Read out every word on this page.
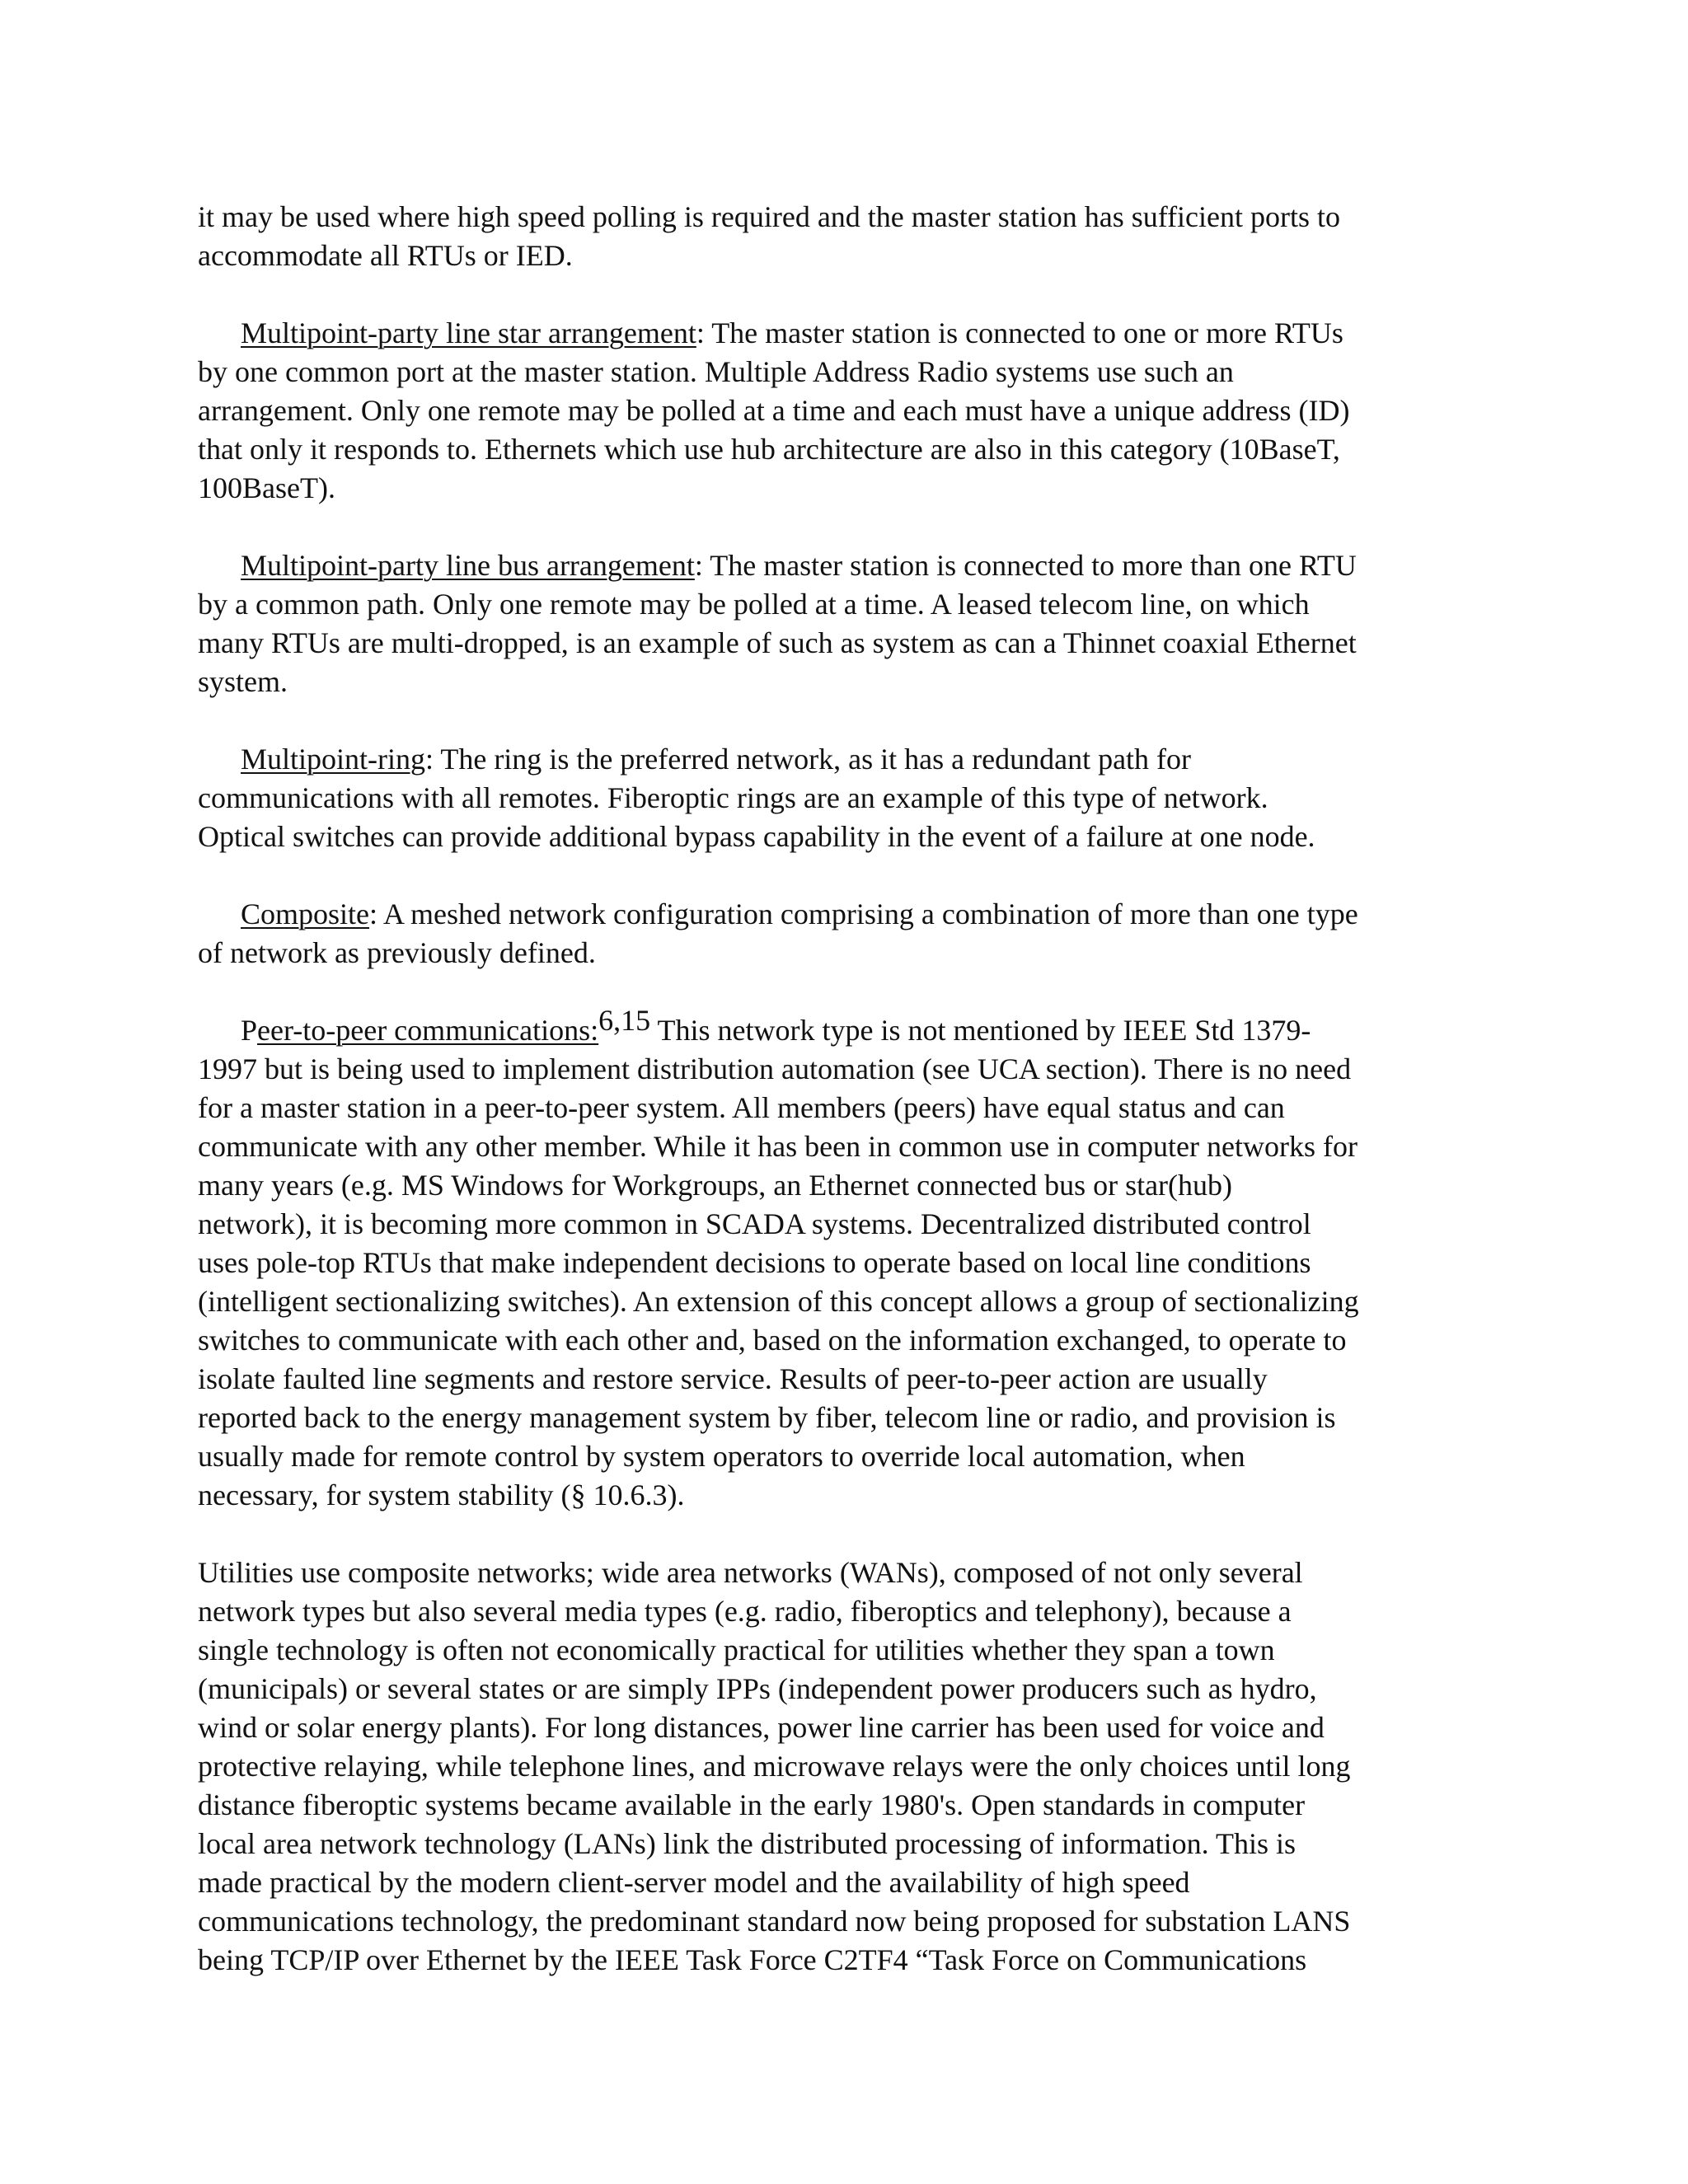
it may be used where high speed polling is required and the master station has sufficient ports to
accommodate all RTUs or IED.
Multipoint-party line star arrangement: The master station is connected to one or more RTUs
by one common port at the master station. Multiple Address Radio systems use such an
arrangement. Only one remote may be polled at a time and each must have a unique address (ID)
that only it responds to. Ethernets which use hub architecture are also in this category (10BaseT,
100BaseT).
Multipoint-party line bus arrangement: The master station is connected to more than one RTU
by a common path. Only one remote may be polled at a time. A leased telecom line, on which
many RTUs are multi-dropped, is an example of such as system as can a Thinnet coaxial Ethernet
system.
Multipoint-ring: The ring is the preferred network, as it has a redundant path for
communications with all remotes. Fiberoptic rings are an example of this type of network.
Optical switches can provide additional bypass capability in the event of a failure at one node.
Composite: A meshed network configuration comprising a combination of more than one type
of network as previously defined.
Peer-to-peer communications:$^{6,15}$ This network type is not mentioned by IEEE Std 1379-
1997 but is being used to implement distribution automation (see UCA section). There is no need
for a master station in a peer-to-peer system. All members (peers) have equal status and can
communicate with any other member. While it has been in common use in computer networks for
many years (e.g. MS Windows for Workgroups, an Ethernet connected bus or star(hub)
network), it is becoming more common in SCADA systems. Decentralized distributed control
uses pole-top RTUs that make independent decisions to operate based on local line conditions
(intelligent sectionalizing switches). An extension of this concept allows a group of sectionalizing
switches to communicate with each other and, based on the information exchanged, to operate to
isolate faulted line segments and restore service. Results of peer-to-peer action are usually
reported back to the energy management system by fiber, telecom line or radio, and provision is
usually made for remote control by system operators to override local automation, when
necessary, for system stability (§ 10.6.3).
Utilities use composite networks; wide area networks (WANs), composed of not only several
network types but also several media types (e.g. radio, fiberoptics and telephony), because a
single technology is often not economically practical for utilities whether they span a town
(municipals) or several states or are simply IPPs (independent power producers such as hydro,
wind or solar energy plants). For long distances, power line carrier has been used for voice and
protective relaying, while telephone lines, and microwave relays were the only choices until long
distance fiberoptic systems became available in the early 1980's. Open standards in computer
local area network technology (LANs) link the distributed processing of information. This is
made practical by the modern client-server model and the availability of high speed
communications technology, the predominant standard now being proposed for substation LANS
being TCP/IP over Ethernet by the IEEE Task Force C2TF4 “Task Force on Communications
